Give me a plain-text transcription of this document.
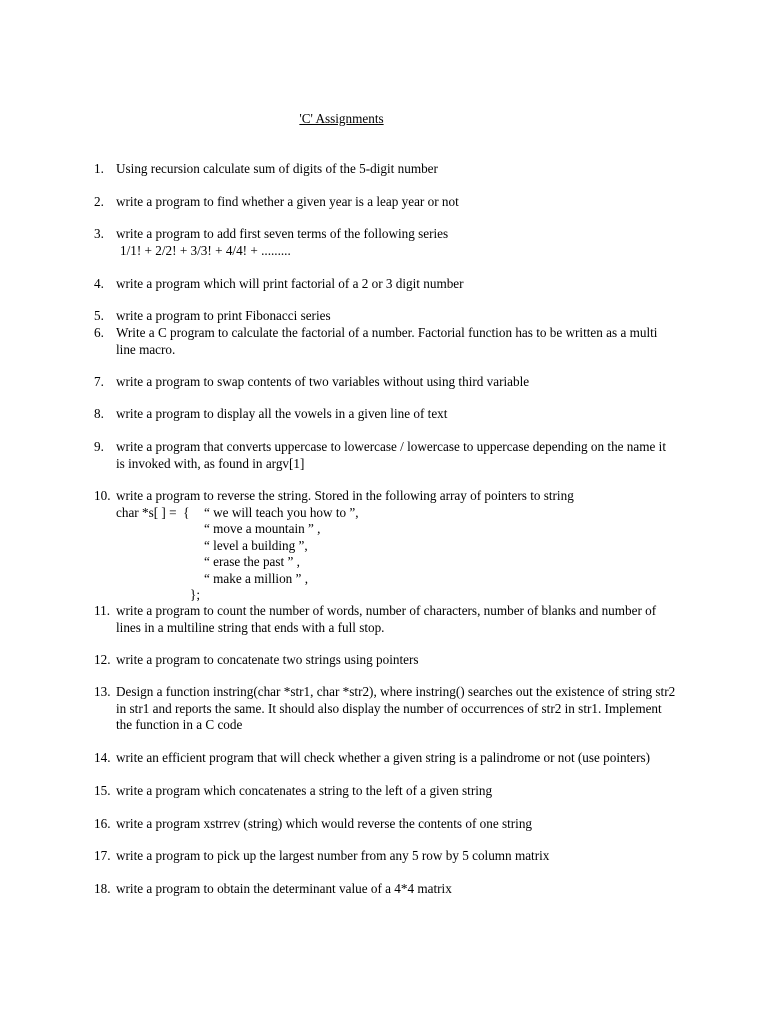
'C' Assignments
1. Using recursion calculate sum of digits of the 5-digit number
2. write a program to find whether a given year is a leap year or not
3. write a program to add first seven terms of the following series
1/1! + 2/2! + 3/3! + 4/4! + .........
4. write a program which will print factorial of a 2 or 3 digit number
5. write a program to print Fibonacci series
6. Write a C program to calculate the factorial of a number. Factorial function has to be written as a multi
line macro.
7. write a program to swap contents of two variables without using third variable
8. write a program to display all the vowels in a given line of text
9. write a program that converts uppercase to lowercase / lowercase to uppercase depending on the name it
is invoked with, as found in argv[1]
10. write a program to reverse the string. Stored in the following array of pointers to string
char *s[ ] =  { “ we will teach you how to ”,
“ move a mountain ” ,
“ level a building ”,
“ erase the past ” ,
“ make a million ” ,
};
11. write a program to count the number of words, number of characters, number of blanks and number of
lines in a multiline string that ends with a full stop.
12. write a program to concatenate two strings using pointers
13. Design a function instring(char *str1, char *str2), where instring() searches out the existence of string str2
in str1 and reports the same. It should also display the number of occurrences of str2 in str1. Implement
the function in a C code
14. write an efficient program that will check whether a given string is a palindrome or not (use pointers)
15. write a program which concatenates a string to the left of a given string
16. write a program xstrrev (string) which would reverse the contents of one string
17. write a program to pick up the largest number from any 5 row by 5 column matrix
18. write a program to obtain the determinant value of a 4*4 matrix
